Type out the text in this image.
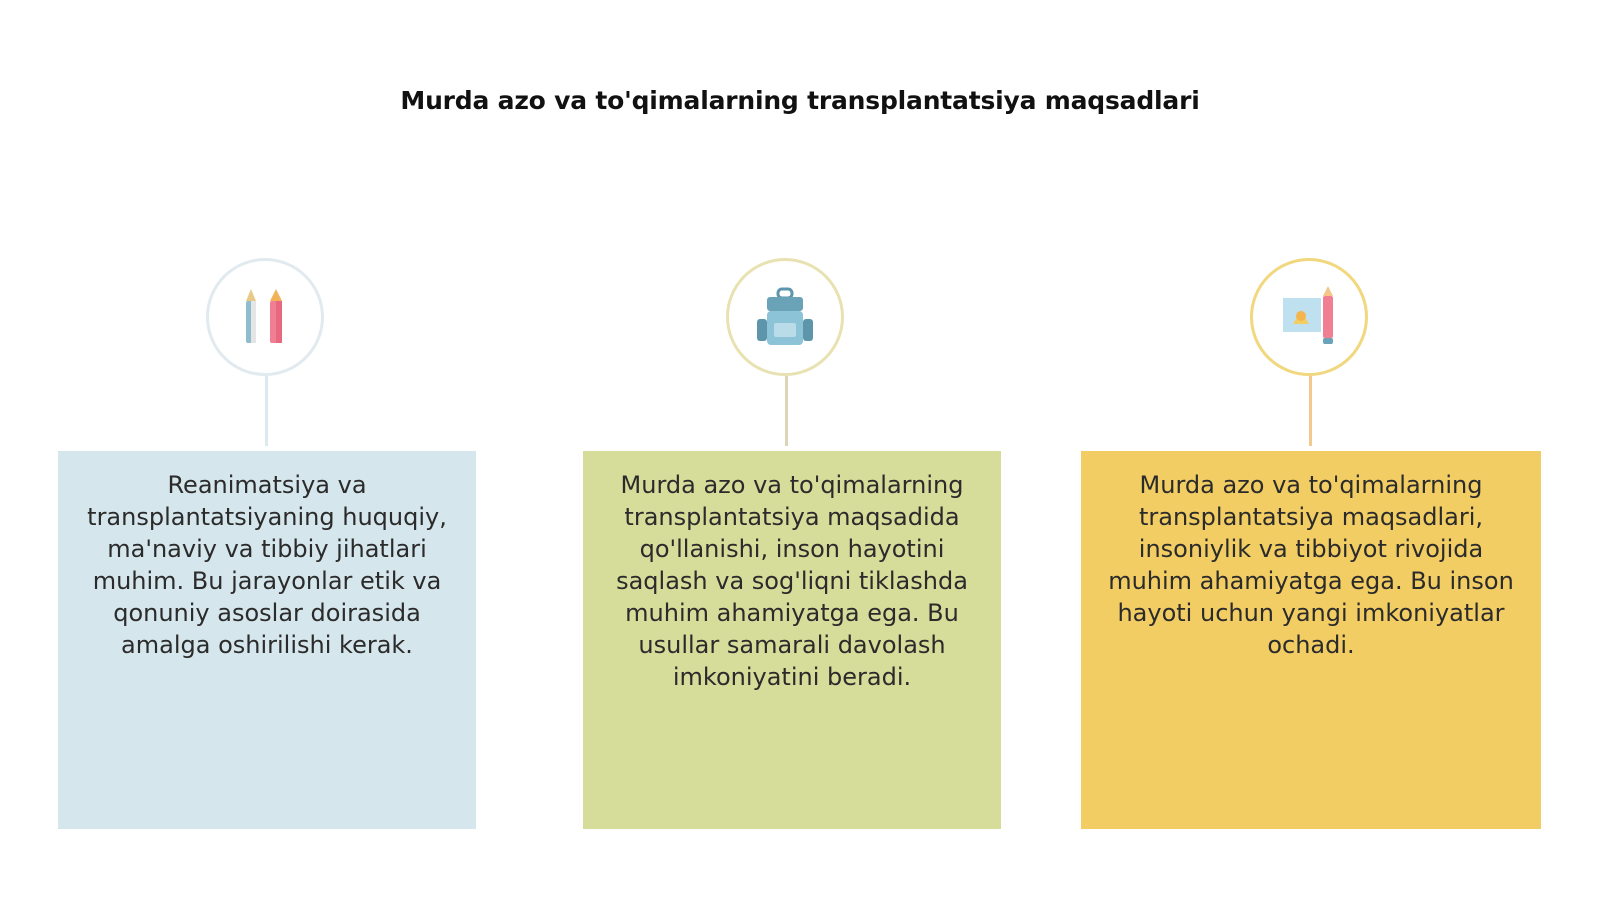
Murda azo va to'qimalarning transplantatsiya maqsadlari
Reanimatsiya va transplantatsiyaning huquqiy, ma'naviy va tibbiy jihatlari muhim. Bu jarayonlar etik va qonuniy asoslar doirasida amalga oshirilishi kerak.
Murda azo va to'qimalarning transplantatsiya maqsadida qo'llanishi, inson hayotini saqlash va sog'liqni tiklashda muhim ahamiyatga ega. Bu usullar samarali davolash imkoniyatini beradi.
Murda azo va to'qimalarning transplantatsiya maqsadlari, insoniylik va tibbiyot rivojida muhim ahamiyatga ega. Bu inson hayoti uchun yangi imkoniyatlar ochadi.
